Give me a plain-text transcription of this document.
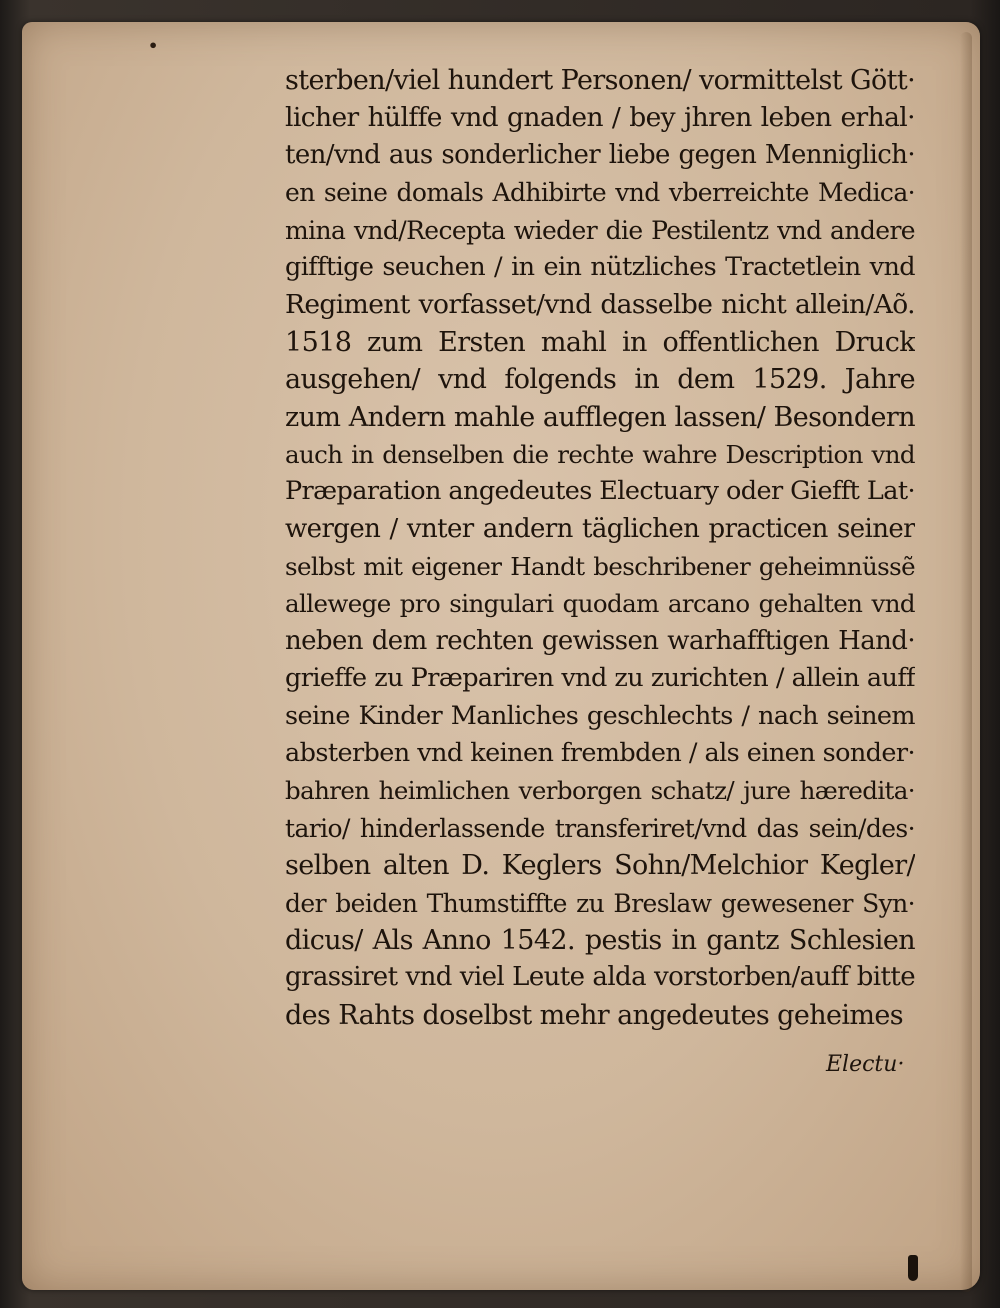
•
sterben/viel hundert Personen/ vormittelst Gött·
licher hülffe vnd gnaden / bey jhren leben erhal·
ten/vnd aus sonderlicher liebe gegen Menniglich·
en seine domals Adhibirte vnd vberreichte Medica·
mina vnd/Recepta wieder die Pestilentz vnd andere
gifftige seuchen / in ein nützliches Tractetlein vnd
Regiment vorfasset/vnd dasselbe nicht allein/Aõ.
1518 zum Ersten mahl in offentlichen Druck
ausgehen/ vnd folgends in dem 1529. Jahre
zum Andern mahle aufflegen lassen/ Besondern
auch in denselben die rechte wahre Description vnd
Præparation angedeutes Electuary oder Giefft Lat·
wergen / vnter andern täglichen practicen seiner
selbst mit eigener Handt beschribener geheimnüssẽ
allewege pro singulari quodam arcano gehalten vnd
neben dem rechten gewissen warhafftigen Hand·
grieffe zu Præpariren vnd zu zurichten / allein auff
seine Kinder Manliches geschlechts / nach seinem
absterben vnd keinen frembden / als einen sonder·
bahren heimlichen verborgen schatz/ jure hæredita·
tario/ hinderlassende transferiret/vnd das sein/des·
selben alten D. Keglers Sohn/Melchior Kegler/
der beiden Thumstiffte zu Breslaw gewesener Syn·
dicus/ Als Anno 1542. pestis in gantz Schlesien
grassiret vnd viel Leute alda vorstorben/auff bitte
des Rahts doselbst mehr angedeutes geheimes
Electu·
